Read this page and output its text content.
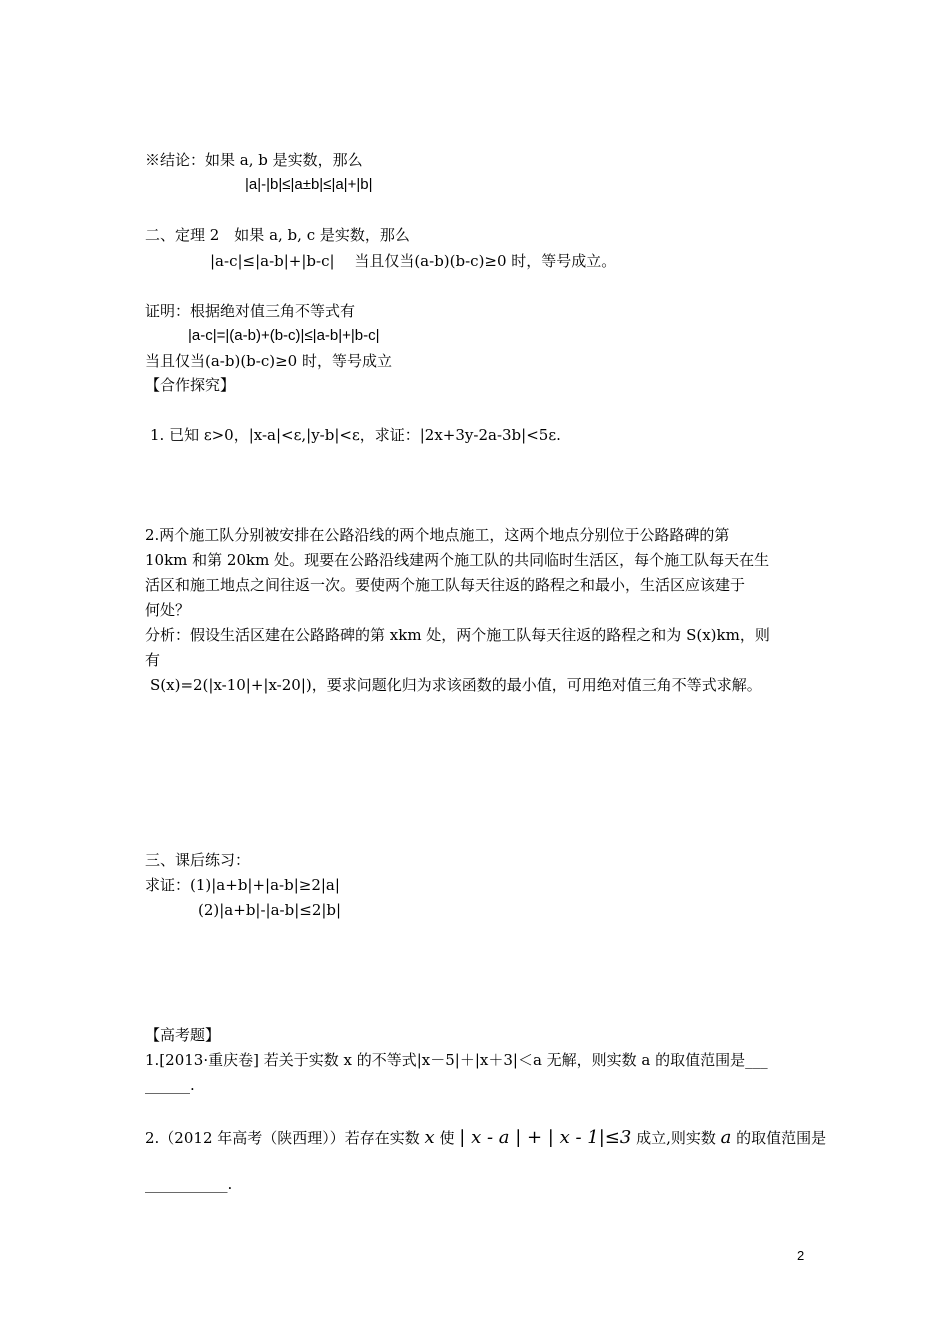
※结论：如果 a, b 是实数，那么
|a|-|b|≤|a±b|≤|a|+|b|
二、定理 2　如果 a, b, c 是实数，那么
|a-c|≤|a-b|+|b-c|　 当且仅当(a-b)(b-c)≥0 时，等号成立。
证明：根据绝对值三角不等式有
|a-c|=|(a-b)+(b-c)|≤|a-b|+|b-c|
当且仅当(a-b)(b-c)≥0 时，等号成立
【合作探究】
1. 已知 ε>0，|x-a|<ε,|y-b|<ε，求证：|2x+3y-2a-3b|<5ε.
2.两个施工队分别被安排在公路沿线的两个地点施工，这两个地点分别位于公路路碑的第
10km 和第 20km 处。现要在公路沿线建两个施工队的共同临时生活区，每个施工队每天在生
活区和施工地点之间往返一次。要使两个施工队每天往返的路程之和最小，生活区应该建于
何处？
分析：假设生活区建在公路路碑的第 xkm 处，两个施工队每天往返的路程之和为 S(x)km，则
有
S(x)=2(|x-10|+|x-20|)，要求问题化归为求该函数的最小值，可用绝对值三角不等式求解。
三、课后练习：
求证：(1)|a+b|+|a-b|≥2|a|
(2)|a+b|-|a-b|≤2|b|
【高考题】
1.[2013·重庆卷] 若关于实数 x 的不等式|x－5|＋|x＋3|＜a 无解，则实数 a 的取值范围是___
______.
2.（2012 年高考（陕西理））若存在实数 x 使 | x - a | + | x - 1|≤3 成立,则实数 a 的取值范围是
___________.
2
